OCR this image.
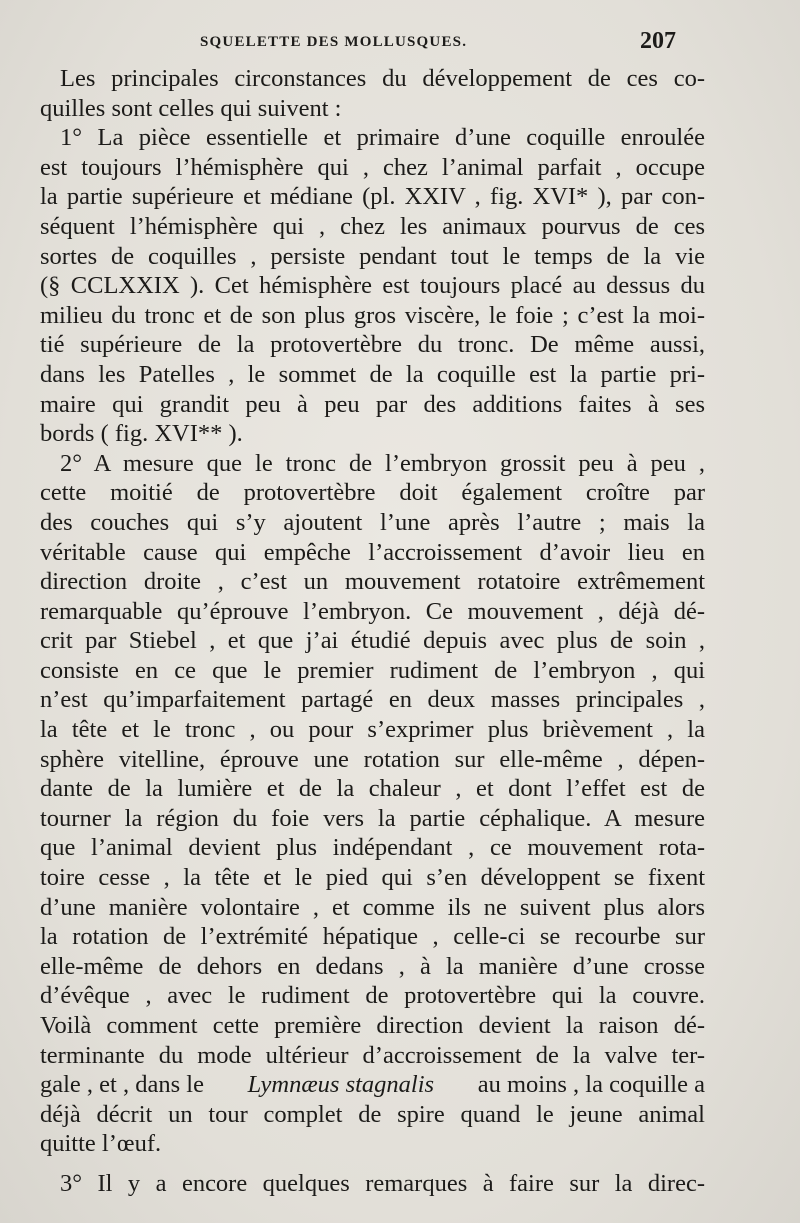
SQUELETTE DES MOLLUSQUES.	207
Les principales circonstances du développement de ces co-
quilles sont celles qui suivent :
1° La pièce essentielle et primaire d’une coquille enroulée
est toujours l’hémisphère qui , chez l’animal parfait , occupe
la partie supérieure et médiane (pl. XXIV , fig. XVI* ), par con-
séquent l’hémisphère qui , chez les animaux pourvus de ces
sortes de coquilles , persiste pendant tout le temps de la vie
(§ CCLXXIX ). Cet hémisphère est toujours placé au dessus du
milieu du tronc et de son plus gros viscère, le foie ; c’est la moi-
tié supérieure de la protovertèbre du tronc. De même aussi,
dans les Patelles , le sommet de la coquille est la partie pri-
maire qui grandit peu à peu par des additions faites à ses
bords ( fig. XVI** ).
2° A mesure que le tronc de l’embryon grossit peu à peu ,
cette moitié de protovertèbre doit également croître par
des couches qui s’y ajoutent l’une après l’autre ; mais la
véritable cause qui empêche l’accroissement d’avoir lieu en
direction droite , c’est un mouvement rotatoire extrêmement
remarquable qu’éprouve l’embryon. Ce mouvement , déjà dé-
crit par Stiebel , et que j’ai étudié depuis avec plus de soin ,
consiste en ce que le premier rudiment de l’embryon , qui
n’est qu’imparfaitement partagé en deux masses principales ,
la tête et le tronc , ou pour s’exprimer plus brièvement , la
sphère vitelline, éprouve une rotation sur elle-même , dépen-
dante de la lumière et de la chaleur , et dont l’effet est de
tourner la région du foie vers la partie céphalique. A mesure
que l’animal devient plus indépendant , ce mouvement rota-
toire cesse , la tête et le pied qui s’en développent se fixent
d’une manière volontaire , et comme ils ne suivent plus alors
la rotation de l’extrémité hépatique , celle-ci se recourbe sur
elle-même de dehors en dedans , à la manière d’une crosse
d’évêque , avec le rudiment de protovertèbre qui la couvre.
Voilà comment cette première direction devient la raison dé-
terminante du mode ultérieur d’accroissement de la valve ter-
gale , et , dans le Lymnæus stagnalis au moins , la coquille a
déjà décrit un tour complet de spire quand le jeune animal
quitte l’œuf.
3° Il y a encore quelques remarques à faire sur la direc-
